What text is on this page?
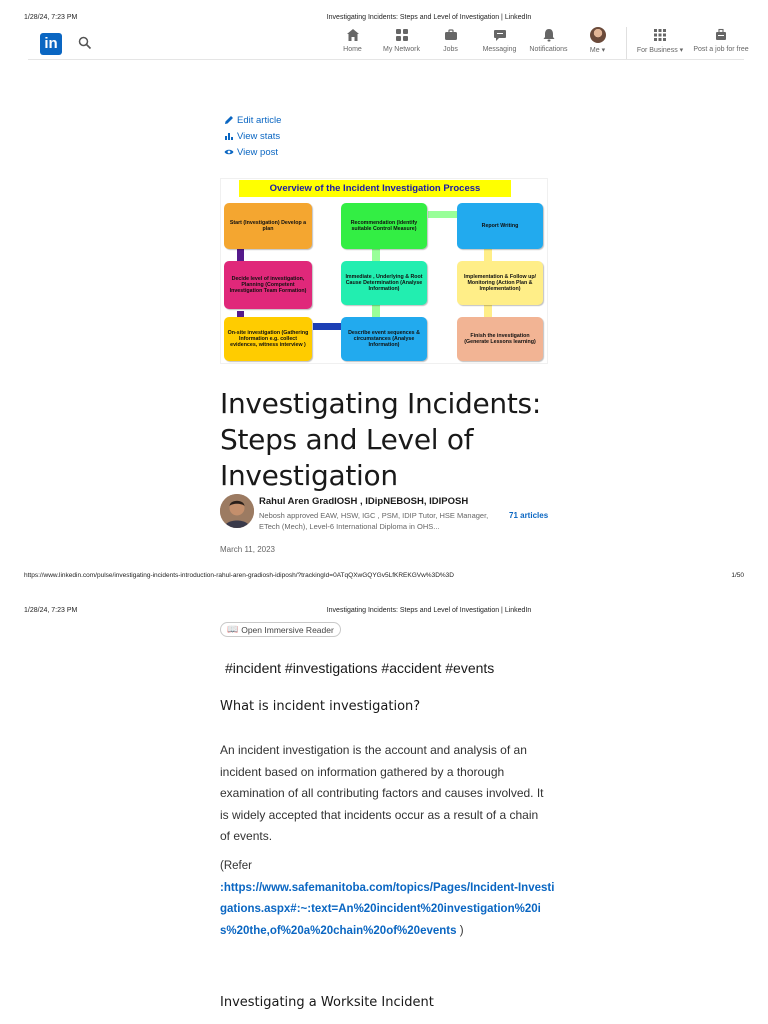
1/28/24, 7:23 PM	Investigating Incidents: Steps and Level of Investigation | LinkedIn
in	Home	My Network	Jobs	Messaging Notifications	Me ▾	For Business ▾ Post a job for free
Edit article
View stats
View post
Overview of the Incident Investigation Process
Start (Investigation) Develop a plan
Decide level of investigation, Planning (Competent Investigation Team Formation)
On-site investigation (Gathering Information e.g. collect evidences, witness interview )
Recommendation (Identify suitable Control Measure)
Immediate , Underlying & Root Cause Determination (Analyse Information)
Describe event sequences & circumstances (Analyse Information)
Report Writing
Implementation & Follow up/ Monitoring (Action Plan & Implementation)
Finish the investigation (Generate Lessons learning)
Investigating Incidents: Steps and Level of Investigation
Rahul Aren GradIOSH , IDipNEBOSH, IDIPOSH
Nebosh approved EAW, HSW, IGC , PSM, IDIP Tutor, HSE Manager, ETech (Mech), Level-6 International Diploma in OHS...
71 articles
March 11, 2023
https://www.linkedin.com/pulse/investigating-incidents-introduction-rahul-aren-gradiosh-idiposh/?trackingId=0ATqQXwGQYGv5LfKREKGVw%3D%3D	1/50
1/28/24, 7:23 PM	Investigating Incidents: Steps and Level of Investigation | LinkedIn
📖 Open Immersive Reader
#incident #investigations #accident #events
What is incident investigation?

An incident investigation is the account and analysis of an incident based on information gathered by a thorough examination of all contributing factors and causes involved. It is widely accepted that incidents occur as a result of a chain of events.

(Refer
:https://www.safemanitoba.com/topics/Pages/Incident-Investigations.aspx#:~:text=An%20incident%20investigation%20is%20the,of%20a%20chain%20of%20events )

Investigating a Worksite Incident
